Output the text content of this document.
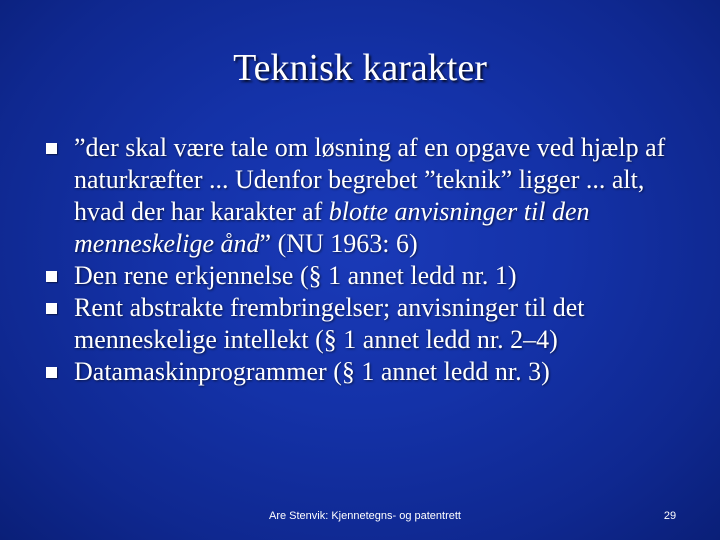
Teknisk karakter
”der skal være tale om løsning af en opgave ved hjælp af naturkræfter ... Udenfor begrebet ”teknik” ligger ... alt, hvad der har karakter af blotte anvisninger til den menneskelige ånd” (NU 1963: 6)
Den rene erkjennelse (§ 1 annet ledd nr. 1)
Rent abstrakte frembringelser; anvisninger til det menneskelige intellekt (§ 1 annet ledd nr. 2–4)
Datamaskinprogrammer (§ 1 annet ledd nr. 3)
Are Stenvik: Kjennetegns- og patentrett	29
